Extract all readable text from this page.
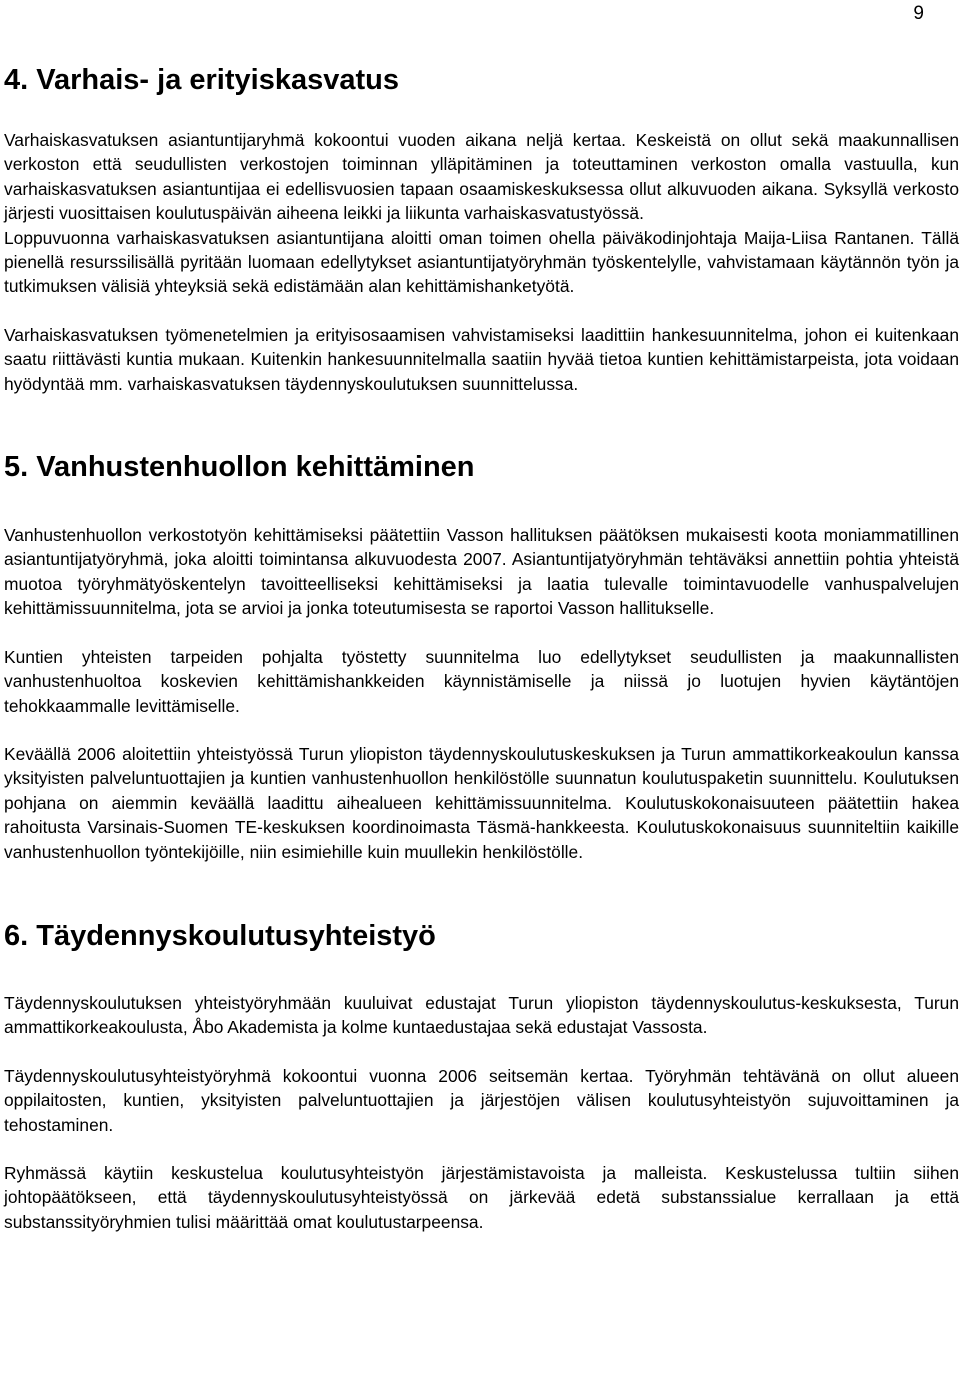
9
4. Varhais- ja erityiskasvatus

Varhaiskasvatuksen asiantuntijaryhmä kokoontui vuoden aikana neljä kertaa. Keskeistä on ollut sekä maakunnallisen verkoston että seudullisten verkostojen toiminnan ylläpitäminen ja toteuttaminen verkoston omalla vastuulla, kun varhaiskasvatuksen asiantuntijaa ei edellisvuosien tapaan osaamiskeskuksessa ollut alkuvuoden aikana. Syksyllä verkosto järjesti vuosittaisen koulutuspäivän aiheena leikki ja liikunta varhaiskasvatustyössä.

Loppuvuonna varhaiskasvatuksen asiantuntijana aloitti oman toimen ohella päiväkodinjohtaja Maija-Liisa Rantanen. Tällä pienellä resurssilisällä pyritään luomaan edellytykset asiantuntijatyöryhmän työskentelylle, vahvistamaan käytännön työn ja tutkimuksen välisiä yhteyksiä sekä edistämään alan kehittämishanketyötä.

Varhaiskasvatuksen työmenetelmien ja erityisosaamisen vahvistamiseksi laadittiin hankesuunnitelma, johon ei kuitenkaan saatu riittävästi kuntia mukaan. Kuitenkin hankesuunnitelmalla saatiin hyvää tietoa kuntien kehittämistarpeista, jota voidaan hyödyntää mm. varhaiskasvatuksen täydennyskoulutuksen suunnittelussa.

5. Vanhustenhuollon kehittäminen

Vanhustenhuollon verkostotyön kehittämiseksi päätettiin Vasson hallituksen päätöksen mukaisesti koota moniammatillinen asiantuntijatyöryhmä, joka aloitti toimintansa alkuvuodesta 2007. Asiantuntijatyöryhmän tehtäväksi annettiin pohtia yhteistä muotoa työryhmätyöskentelyn tavoitteelliseksi kehittämiseksi ja laatia tulevalle toimintavuodelle vanhuspalvelujen kehittämissuunnitelma, jota se arvioi ja jonka toteutumisesta se raportoi Vasson hallitukselle.

Kuntien yhteisten tarpeiden pohjalta työstetty suunnitelma luo edellytykset seudullisten ja maakunnallisten vanhustenhuoltoa koskevien kehittämishankkeiden käynnistämiselle ja niissä jo luotujen hyvien käytäntöjen tehokkaammalle levittämiselle.

Keväällä 2006 aloitettiin yhteistyössä Turun yliopiston täydennyskoulutuskeskuksen ja Turun ammattikorkeakoulun kanssa yksityisten palveluntuottajien ja kuntien vanhustenhuollon henkilöstölle suunnatun koulutuspaketin suunnittelu. Koulutuksen pohjana on aiemmin keväällä laadittu aihealueen kehittämissuunnitelma. Koulutuskokonaisuuteen päätettiin hakea rahoitusta Varsinais-Suomen TE-keskuksen koordinoimasta Täsmä-hankkeesta. Koulutuskokonaisuus suunniteltiin kaikille vanhustenhuollon työntekijöille, niin esimiehille kuin muullekin henkilöstölle.

6. Täydennyskoulutusyhteistyö

Täydennyskoulutuksen yhteistyöryhmään kuuluivat edustajat Turun yliopiston täydennyskoulutus-keskuksesta, Turun ammattikorkeakoulusta, Åbo Akademista ja kolme kuntaedustajaa sekä edustajat Vassosta.

Täydennyskoulutusyhteistyöryhmä kokoontui vuonna 2006 seitsemän kertaa. Työryhmän tehtävänä on ollut alueen oppilaitosten, kuntien, yksityisten palveluntuottajien ja järjestöjen välisen koulutusyhteistyön sujuvoittaminen ja tehostaminen.

Ryhmässä käytiin keskustelua koulutusyhteistyön järjestämistavoista ja malleista. Keskustelussa tultiin siihen johtopäätökseen, että täydennyskoulutusyhteistyössä on järkevää edetä substanssialue kerrallaan ja että substanssityöryhmien tulisi määrittää omat koulutustarpeensa.
